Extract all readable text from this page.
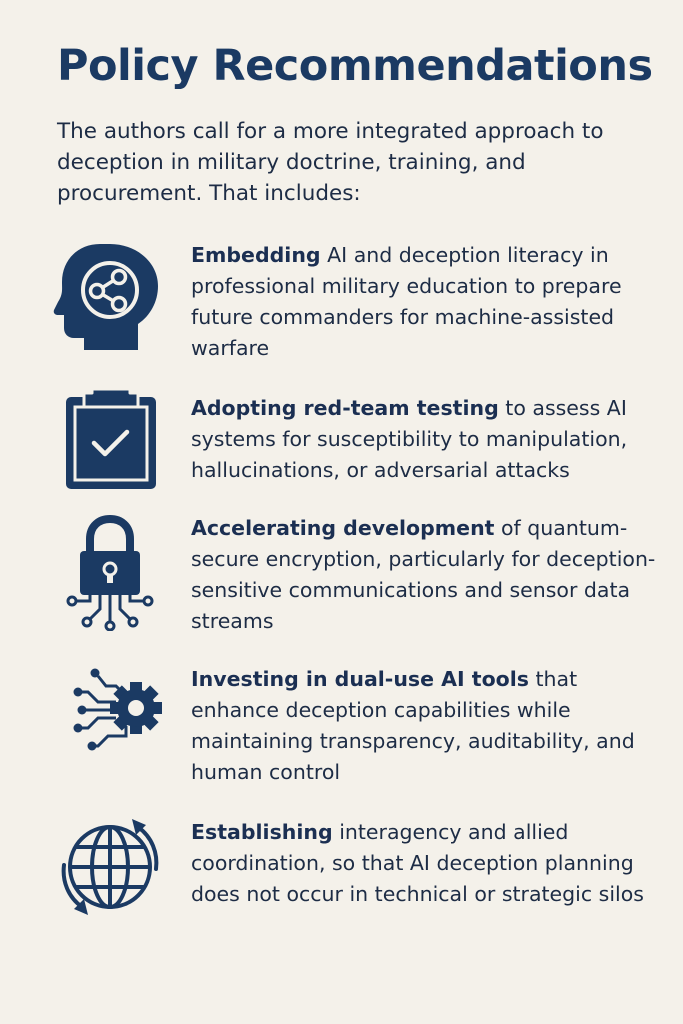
Policy Recommendations

The authors call for a more integrated approach to deception in military doctrine, training, and procurement. That includes:

Embedding AI and deception literacy in professional military education to prepare future commanders for machine-assisted warfare

Adopting red-team testing to assess AI systems for susceptibility to manipulation, hallucinations, or adversarial attacks

Accelerating development of quantum-secure encryption, particularly for deception-sensitive communications and sensor data streams

Investing in dual-use AI tools that enhance deception capabilities while maintaining transparency, auditability, and human control

Establishing interagency and allied coordination, so that AI deception planning does not occur in technical or strategic silos
